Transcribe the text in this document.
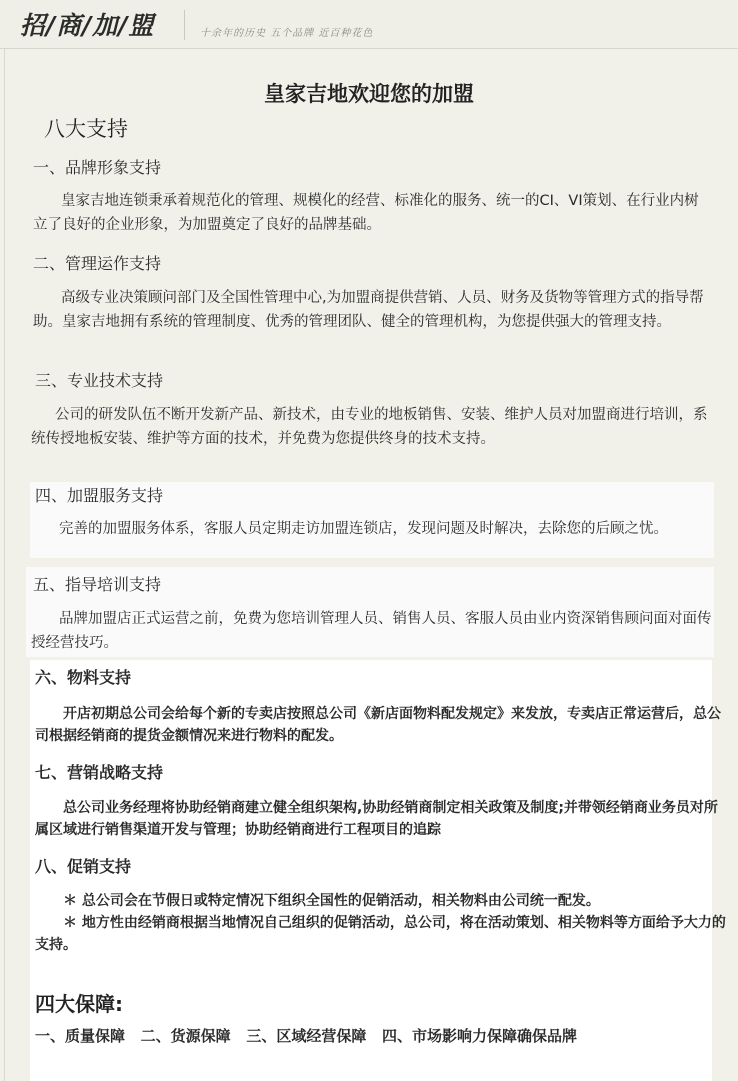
招/商/加/盟	十余年的历史 五个品牌 近百种花色
皇家吉地欢迎您的加盟
八大支持
一、品牌形象支持

皇家吉地连锁秉承着规范化的管理、规模化的经营、标准化的服务、统一的CI、VI策划、在行业内树立了良好的企业形象，为加盟奠定了良好的品牌基础。

二、管理运作支持

高级专业决策顾问部门及全国性管理中心,为加盟商提供营销、人员、财务及货物等管理方式的指导帮助。皇家吉地拥有系统的管理制度、优秀的管理团队、健全的管理机构，为您提供强大的管理支持。

三、专业技术支持

公司的研发队伍不断开发新产品、新技术，由专业的地板销售、安装、维护人员对加盟商进行培训，系统传授地板安装、维护等方面的技术，并免费为您提供终身的技术支持。

四、加盟服务支持

完善的加盟服务体系，客服人员定期走访加盟连锁店，发现问题及时解决，去除您的后顾之忧。

五、指导培训支持

品牌加盟店正式运营之前，免费为您培训管理人员、销售人员、客服人员由业内资深销售顾问面对面传授经营技巧。

六、物料支持

开店初期总公司会给每个新的专卖店按照总公司《新店面物料配发规定》来发放，专卖店正常运营后，总公司根据经销商的提货金额情况来进行物料的配发。

七、营销战略支持

总公司业务经理将协助经销商建立健全组织架构,协助经销商制定相关政策及制度;并带领经销商业务员对所属区域进行销售渠道开发与管理；协助经销商进行工程项目的追踪

八、促销支持

＊ 总公司会在节假日或特定情况下组织全国性的促销活动，相关物料由公司统一配发。

＊ 地方性由经销商根据当地情况自己组织的促销活动，总公司，将在活动策划、相关物料等方面给予大力的支持。

四大保障:
一、质量保障   二、货源保障   三、区域经营保障   四、市场影响力保障确保品牌
